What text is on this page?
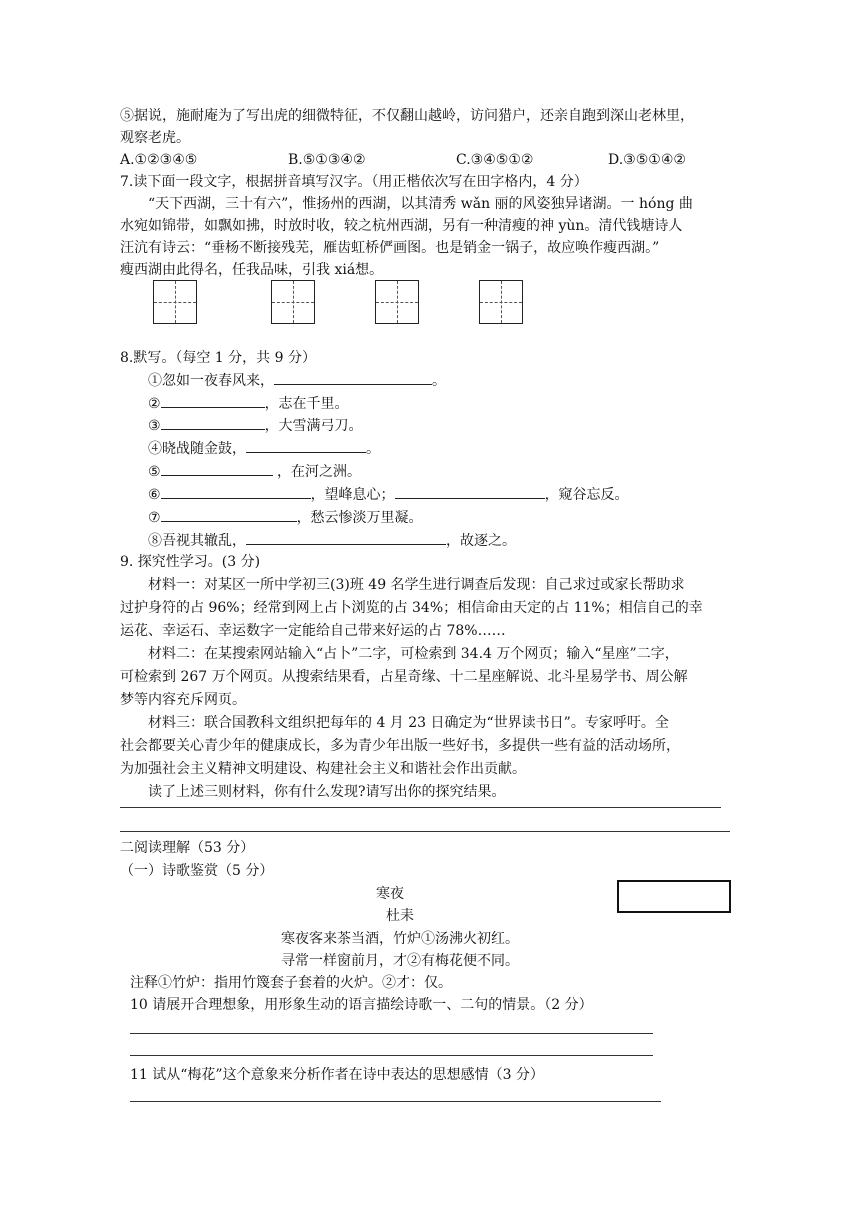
⑤据说，施耐庵为了写出虎的细微特征，不仅翻山越岭，访问猎户，还亲自跑到深山老林里，
观察老虎。
A.①②③④⑤	B.⑤①③④②	C.③④⑤①②	D.③⑤①④②
7.读下面一段文字，根据拼音填写汉字。（用正楷依次写在田字格内，4 分）
“天下西湖，三十有六”，惟扬州的西湖，以其清秀 wǎn 丽的风姿独异诸湖。一 hóng 曲
水宛如锦带，如飘如拂，时放时收，较之杭州西湖，另有一种清瘦的神 yùn。清代钱塘诗人
汪沆有诗云：“垂杨不断接残芜，雁齿虹桥俨画图。也是销金一锅子，故应唤作瘦西湖。”
瘦西湖由此得名，任我品味，引我 xiá想。
8.默写。（每空 1 分，共 9 分）
①忽如一夜春风来，	。
②	，志在千里。
③	，大雪满弓刀。
④晓战随金鼓，	。
⑤	，在河之洲。
⑥	，望峰息心；	，窥谷忘反。
⑦	，愁云惨淡万里凝。
⑧吾视其辙乱，	，故逐之。
9. 探究性学习。(3 分)
材料一：对某区一所中学初三(3)班 49 名学生进行调查后发现：自己求过或家长帮助求
过护身符的占 96%；经常到网上占卜浏览的占 34%；相信命由天定的占 11%；相信自己的幸
运花、幸运石、幸运数字一定能给自己带来好运的占 78%……
材料二：在某搜索网站输入“占卜”二字，可检索到 34.4 万个网页；输入“星座”二字，
可检索到 267 万个网页。从搜索结果看，占星奇缘、十二星座解说、北斗星易学书、周公解
梦等内容充斥网页。
材料三：联合国教科文组织把每年的 4 月 23 日确定为“世界读书日”。专家呼吁。全
社会都要关心青少年的健康成长，多为青少年出版一些好书，多提供一些有益的活动场所，
为加强社会主义精神文明建设、构建社会主义和谐社会作出贡献。
读了上述三则材料，你有什么发现?请写出你的探究结果。
二阅读理解（53 分）
（一）诗歌鉴赏（5 分）
寒夜
杜耒
寒夜客来茶当酒，竹炉①汤沸火初红。
寻常一样窗前月，才②有梅花便不同。
注释①竹炉：指用竹篾套子套着的火炉。②才：仅。
10 请展开合理想象，用形象生动的语言描绘诗歌一、二句的情景。（2 分）
11 试从“梅花”这个意象来分析作者在诗中表达的思想感情（3 分）
